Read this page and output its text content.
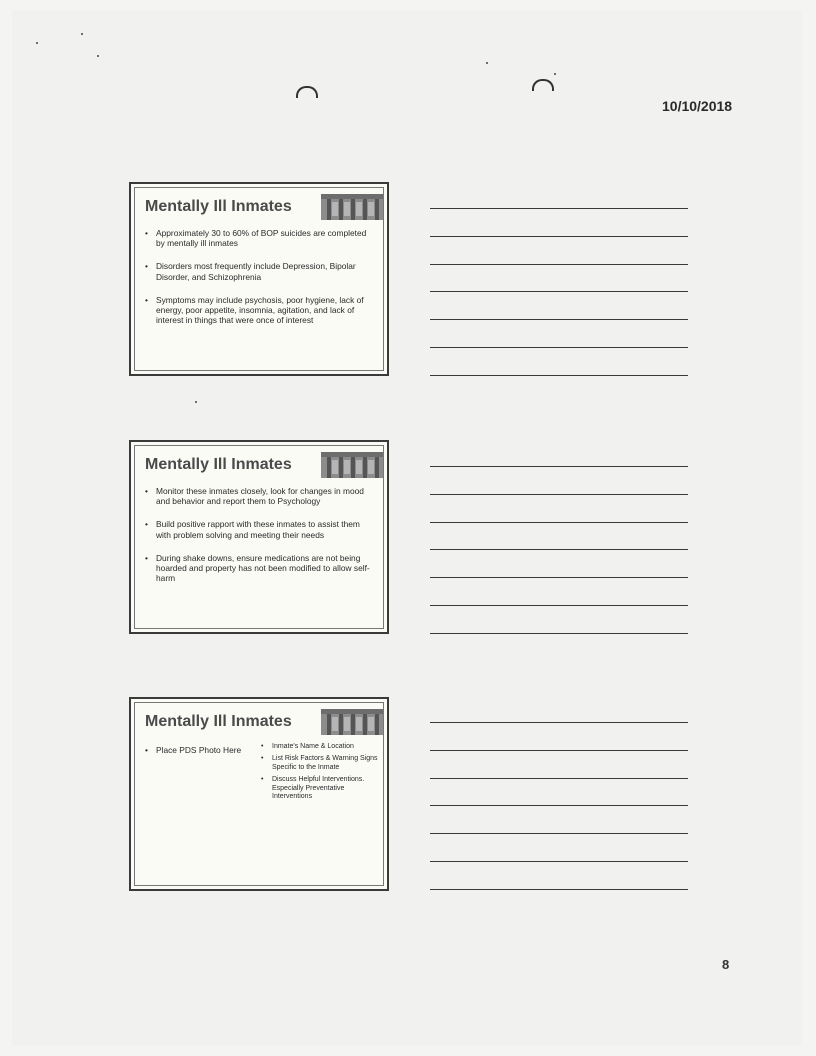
10/10/2018
Mentally Ill Inmates
• Approximately 30 to 60% of BOP suicides are completed by mentally ill inmates
• Disorders most frequently include Depression, Bipolar Disorder, and Schizophrenia
• Symptoms may include psychosis, poor hygiene, lack of energy, poor appetite, insomnia, agitation, and lack of interest in things that were once of interest
Mentally Ill Inmates
• Monitor these inmates closely, look for changes in mood and behavior and report them to Psychology
• Build positive rapport with these inmates to assist them with problem solving and meeting their needs
• During shake downs, ensure medications are not being hoarded and property has not been modified to allow self-harm
Mentally Ill Inmates
• Place PDS Photo Here
•	Inmate's Name & Location
• List Risk Factors & Warning Signs Specific to the Inmate
• Discuss Helpful Interventions. Especially Preventative Interventions
8
